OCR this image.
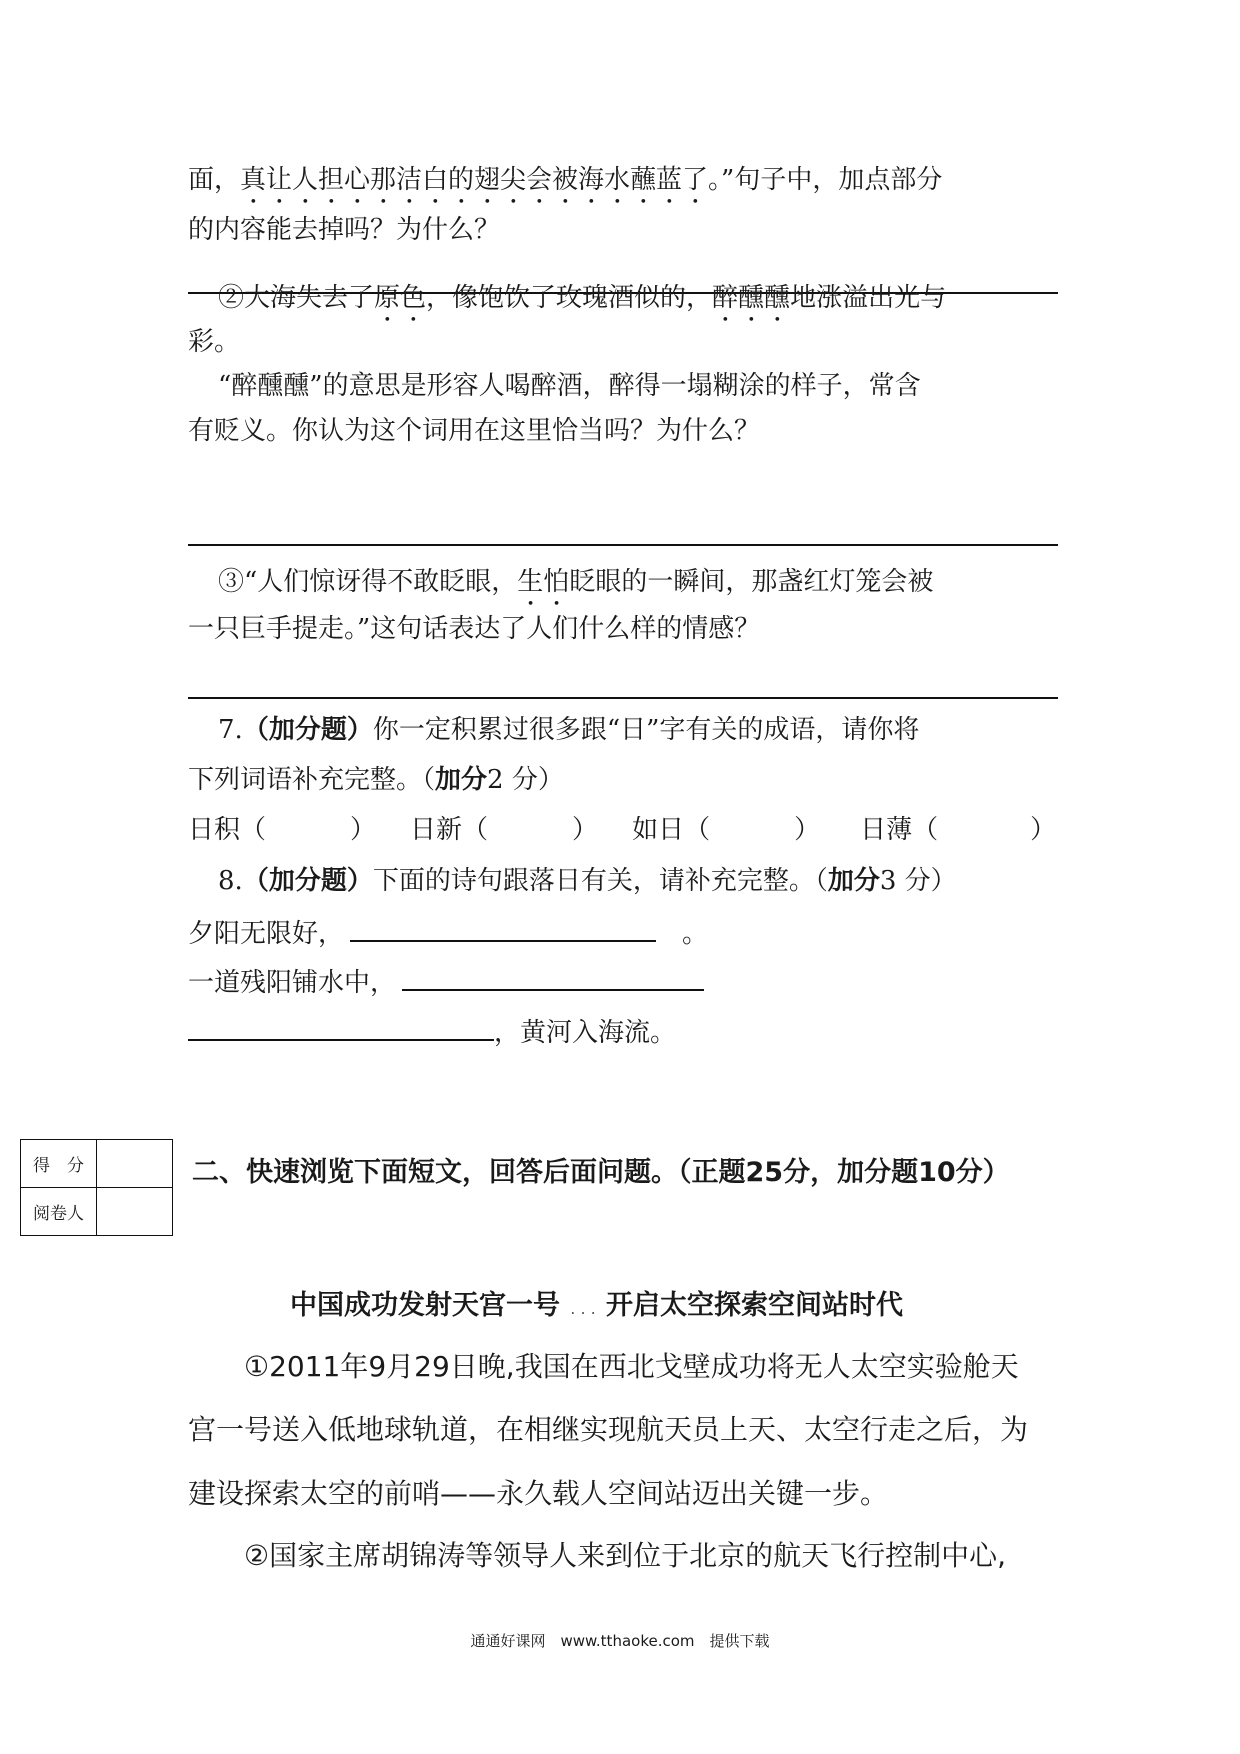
面，真让人担心那洁白的翅尖会被海水蘸蓝了。”句子中，加点部分
的内容能去掉吗？为什么？
②大海失去了原色，像饱饮了玫瑰酒似的，醉醺醺地涨溢出光与
彩。
“醉醺醺”的意思是形容人喝醉酒，醉得一塌糊涂的样子，常含
有贬义。你认为这个词用在这里恰当吗？为什么？
③“人们惊讶得不敢眨眼，生怕眨眼的一瞬间，那盏红灯笼会被
一只巨手提走。”这句话表达了人们什么样的情感？
7.（加分题）你一定积累过很多跟“日”字有关的成语，请你将
下列词语补充完整。（加分2 分）
日积（	） 日新（	） 如日（	） 日薄（	）
8.（加分题）下面的诗句跟落日有关，请补充完整。（加分3 分）
夕阳无限好，	。
一道残阳铺水中，
，黄河入海流。
得　分	
阅卷人	
二、快速浏览下面短文，回答后面问题。（正题25分，加分题10分）
中国成功发射天宫一号 . . . 开启太空探索空间站时代
①2011年9月29日晚,我国在西北戈壁成功将无人太空实验舱天
宫一号送入低地球轨道，在相继实现航天员上天、太空行走之后，为
建设探索太空的前哨——永久载人空间站迈出关键一步。
②国家主席胡锦涛等领导人来到位于北京的航天飞行控制中心,
通通好课网　www.tthaoke.com　提供下载
